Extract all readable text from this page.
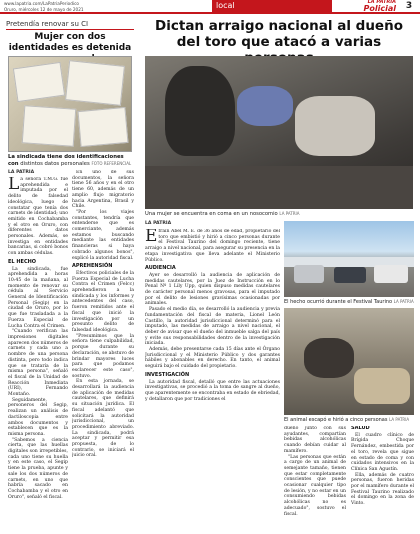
www.lapatria.com/LaPatriaPeriodico
Oruro, miércoles 12 de mayo de 2021	local	LA PATRIA
Policial	3
Pretendía renovar su CI
Mujer con dos identidades es detenida
La sindicada tiene dos identificaciones con distintos datos personales FOTO REFERENCIAL
LA PATRIA

La señora T.M.G. fue aprehendida e imputada por el delito de falsedad ideológica, luego de constatar que tenía dos carnets de identidad; uno emitido en Cochabamba y el otro en Oruro, con diferentes datos personales. Además, se investiga en entidades bancarias, si cobró bonos con ambas cédulas.

EL HECHO

La sindicada, fue aprehendida a horas 10:45 de la mañana, al momento de renovar su cédula al Servicio General de Identificación Personal (Segip) en la ciudad de Oruro, por lo que fue trasladada a la Fuerza Especial de Lucha Contra el Crimen.

"Cuando verifican las impresiones digitales aparecen dos números de carnets y cada uno a nombre de una persona distinta, pero todo indica que se trataría de la misma persona", señaló el fiscal de la Unidad de Reacción Inmediata (URI), Fernando Montaño.

Seguidamente, personeros del Segip, realizan un análisis de dactiloscopia entre ambos documentos y establecen que es la misma persona.

"Sabemos a ciencia cierta, que las huellas digitales son irrepetibles, cada uno tiene su huella y en este caso, el Segip tiene la prueba, apunte y sale los dos números de carnets, en uno que habría sacado en Cochabamba y el otro en Oruro", señaló el fiscal.

En uno de sus documentos, la señora tiene 56 años y en el otro tiene 60, además de un amplio flujo migratorio hacia Argentina, Brasil y Chile.

"Por los viajes constantes, tendría que entenderse que es comerciante, además estamos buscando mediante las entidades financieras si haya cobrado algunos bonos", explicó la autoridad fiscal.

APREHENSIÓN

Efectivos policiales de la Fuerza Especial de Lucha Contra el Crimen (Felcc) aprehendieron a la sindicada y los informes y antecedentes del caso, fueron remitidos ante el fiscal que inició la investigación por un presunto delito de falsedad ideológica.

"Presumimos que la señora tiene culpabilidad, porque durante su declaración, se abstuvo de brindar mayores luces para que podamos esclarecer este caso", sostuvo.

En esta jornada, se desarrollará la audiencia de aplicación de medidas cautelares, que definirá su situación jurídica. El fiscal adelantó que solicitará la autoridad jurisdiccional, un procedimiento abreviado. La sindicada, podrá aceptar y permitir esa propuesta, de lo contrario, se iniciará el juicio oral.

Dictan arraigo nacional al dueño del toro que atacó a varias
Una mujer se encuentra en coma en un nosocomio LA PATRIA
LA PATRIA

Efraín Abel M. E. de 36 años de edad, propietario del toro que embistió y hirió a cinco personas durante el Festival Taurino del domingo reciente, tiene arraigo a nivel nacional, para asegurar su presencia en la etapa investigativa que lleva adelante el Ministerio Público.

AUDIENCIA

Ayer se desarrolló la audiencia de aplicación de medidas cautelares, por la Juez de Instrucción en lo Penal Nº 1 Lily Upp, quien dispuso medidas cautelares de carácter personal menos gravosas, para el imputado por el delito de lesiones gravísimas ocasionadas por animales.

Pasado el medio día, se desarrolló la audiencia y previa fundamentación del fiscal de materia, Lionel León Castillo, la autoridad jurisdiccional determinó para el imputado, las medidas de arraigo a nivel nacional, el deber de avisar que el dueño del inmueble salga del país y evite sus responsabilidades dentro de la investigación iniciada.

Además, debe presentarse cada 15 días ante el Órgano Jurisdiccional y el Ministerio Público y dos garantes hábiles y abonables en derecho. En tanto, el animal seguirá bajo el cuidado del propietario.

INVESTIGACIÓN

La autoridad fiscal, detalló que entre las actuaciones investigativas, se procedió a la toma de sangre al dueño, que aparentemente se encontraba en estado de ebriedad, y detallaron que por tradiciones el

El hecho ocurrió durante el Festival Taurino LA PATRIA
El animal escapó e hirió a cinco personas LA PATRIA

dueño junto con sus ayudantes, compartían bebidas alcohólicas cuando debían cuidar al mamífero.

"Las personas que están a cargo de un animal de semejante tamaño, tienen que estar completamente conscientes que puede ocasionar cualquier tipo de lesión, y no estar en un consumiendo bebidas alcohólicas no es adecuado", sostuvo el fiscal.

SALUD

El cuadro clínico de Brígida Choque Fernández, embestida por el toro, revela que sigue en estado de coma y con cuidados intensivos en la Clínica San Agustín.

Ella, además de cuatro personas, fueron heridas por el mamífero durante el Festival Taurino realizado el domingo en la zona de Vinto.
